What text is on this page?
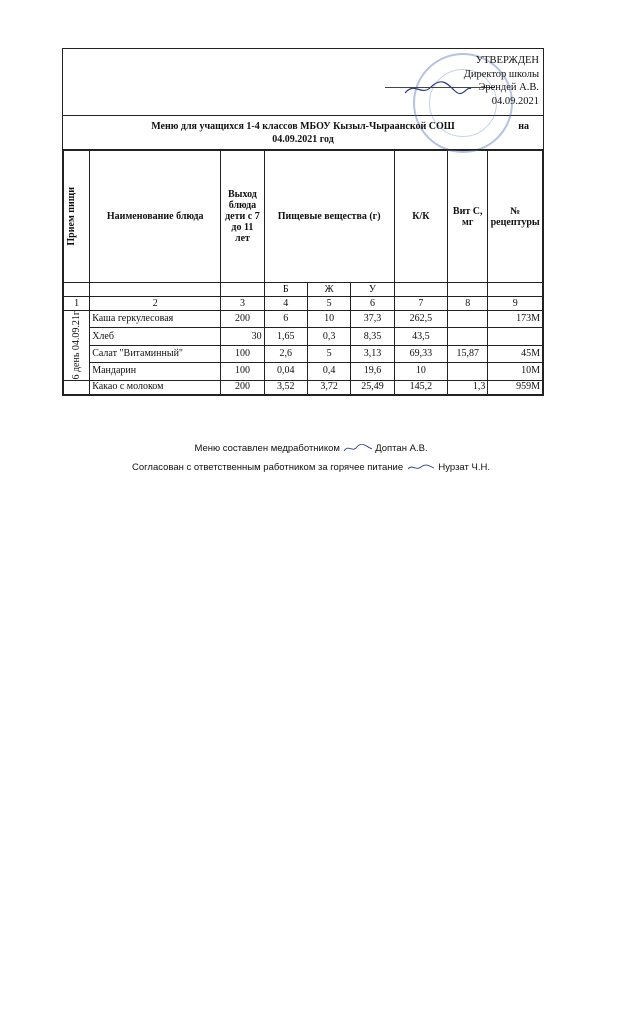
УТВЕРЖДЕН
Директор школы
Эрендей А.В.
04.09.2021
Меню для учащихся 1-4 классов МБОУ Кызыл-Чыраанской СОШ	на
04.09.2021 год
Прием пищи	Наименование блюда	Выход блюда дети с 7 до 11 лет	Пищевые вещества (г)			К/К	Вит С, мг	№ рецептуры
			Б	Ж	У			
1	2	3	4	5	6	7	8	9

6 день 04.09.21г	Каша геркулесовая	200	6	10	37,3	262,5		173М
	Хлеб	30	1,65	0,3	8,35	43,5		
	Салат "Витаминный"	100	2,6	5	3,13	69,33	15,87	45М
	Мандарин	100	0,04	0,4	19,6	10		10М
	Какао с молоком	200	3,52	3,72	25,49	145,2	1,3	959М
Меню составлен медработником	Доптан А.В.
Согласован с ответственным работником за горячее питание	Нурзат Ч.Н.
